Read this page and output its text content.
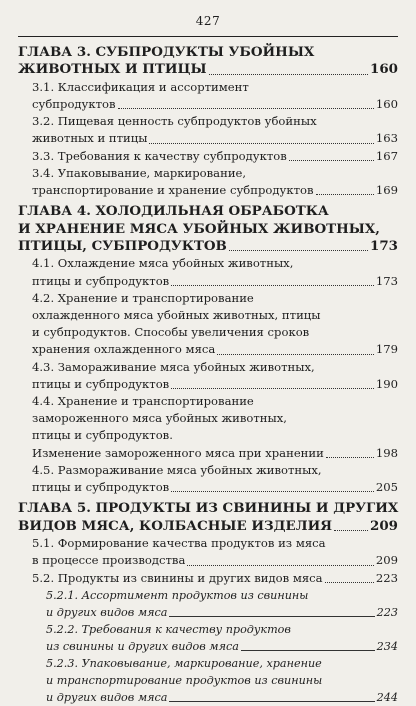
427
ГЛАВА 3. СУБПРОДУКТЫ УБОЙНЫХ
ЖИВОТНЫХ И ПТИЦЫ	160
3.1. Классификация и ассортимент
субпродуктов	160
3.2. Пищевая ценность субпродуктов убойных
животных и птицы	163
3.3. Требования к качеству субпродуктов	167
3.4. Упаковывание, маркирование,
транспортирование и хранение субпродуктов	169
ГЛАВА 4. ХОЛОДИЛЬНАЯ ОБРАБОТКА
И ХРАНЕНИЕ МЯСА УБОЙНЫХ ЖИВОТНЫХ,
ПТИЦЫ, СУБПРОДУКТОВ	173
4.1. Охлаждение мяса убойных животных,
птицы и субпродуктов	173
4.2. Хранение и транспортирование
охлажденного мяса убойных животных, птицы
и субпродуктов. Способы увеличения сроков
хранения охлажденного мяса	179
4.3. Замораживание мяса убойных животных,
птицы и субпродуктов	190
4.4. Хранение и транспортирование
замороженного мяса убойных животных,
птицы и субпродуктов.
Изменение замороженного мяса при хранении	198
4.5. Размораживание мяса убойных животных,
птицы и субпродуктов	205
ГЛАВА 5. ПРОДУКТЫ ИЗ СВИНИНЫ И ДРУГИХ
ВИДОВ МЯСА, КОЛБАСНЫЕ ИЗДЕЛИЯ	209
5.1. Формирование качества продуктов из мяса
в процессе производства	209
5.2. Продукты из свинины и других видов мяса	223
5.2.1. Ассортимент продуктов из свинины
и других видов мяса	223
5.2.2. Требования к качеству продуктов
из свинины и других видов мяса	234
5.2.3. Упаковывание, маркирование, хранение
и транспортирование продуктов из свинины
и других видов мяса	244
